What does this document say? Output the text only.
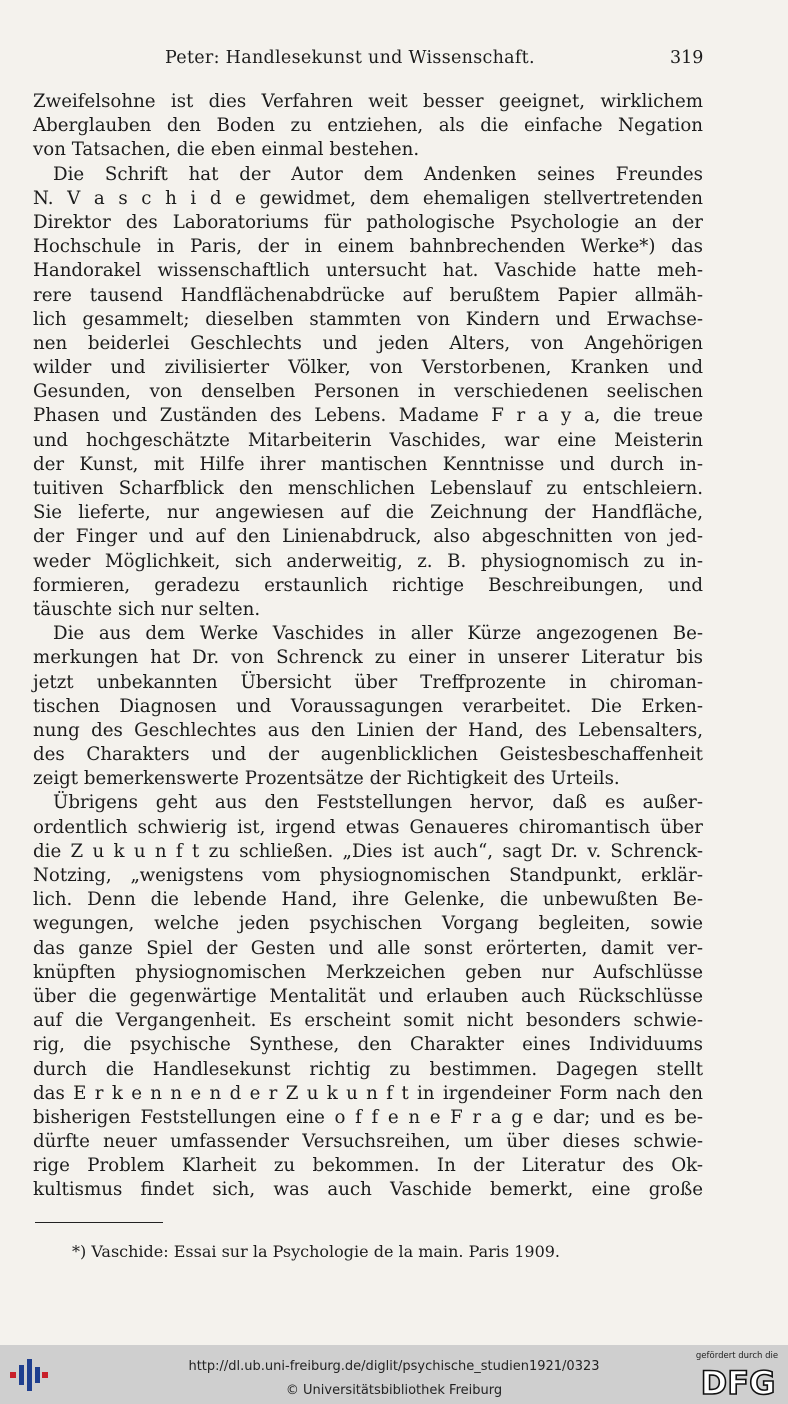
Peter: Handlesekunst und Wissenschaft.	319
Zweifelsohne ist dies Verfahren weit besser geeignet, wirklichem
Aberglauben den Boden zu entziehen, als die einfache Negation
von Tatsachen, die eben einmal bestehen.
Die Schrift hat der Autor dem Andenken seines Freundes
N. V a s c h i d e gewidmet, dem ehemaligen stellvertretenden
Direktor des Laboratoriums für pathologische Psychologie an der
Hochschule in Paris, der in einem bahnbrechenden Werke*) das
Handorakel wissenschaftlich untersucht hat. Vaschide hatte meh-
rere tausend Handflächenabdrücke auf berußtem Papier allmäh-
lich gesammelt; dieselben stammten von Kindern und Erwachse-
nen beiderlei Geschlechts und jeden Alters, von Angehörigen
wilder und zivilisierter Völker, von Verstorbenen, Kranken und
Gesunden, von denselben Personen in verschiedenen seelischen
Phasen und Zuständen des Lebens. Madame F r a y a, die treue
und hochgeschätzte Mitarbeiterin Vaschides, war eine Meisterin
der Kunst, mit Hilfe ihrer mantischen Kenntnisse und durch in-
tuitiven Scharfblick den menschlichen Lebenslauf zu entschleiern.
Sie lieferte, nur angewiesen auf die Zeichnung der Handfläche,
der Finger und auf den Linienabdruck, also abgeschnitten von jed-
weder Möglichkeit, sich anderweitig, z. B. physiognomisch zu in-
formieren, geradezu erstaunlich richtige Beschreibungen, und
täuschte sich nur selten.
Die aus dem Werke Vaschides in aller Kürze angezogenen Be-
merkungen hat Dr. von Schrenck zu einer in unserer Literatur bis
jetzt unbekannten Übersicht über Treffprozente in chiroman-
tischen Diagnosen und Voraussagungen verarbeitet. Die Erken-
nung des Geschlechtes aus den Linien der Hand, des Lebensalters,
des Charakters und der augenblicklichen Geistesbeschaffenheit
zeigt bemerkenswerte Prozentsätze der Richtigkeit des Urteils.
Übrigens geht aus den Feststellungen hervor, daß es außer-
ordentlich schwierig ist, irgend etwas Genaueres chiromantisch über
die Z u k u n f t zu schließen. „Dies ist auch“, sagt Dr. v. Schrenck-
Notzing, „wenigstens vom physiognomischen Standpunkt, erklär-
lich. Denn die lebende Hand, ihre Gelenke, die unbewußten Be-
wegungen, welche jeden psychischen Vorgang begleiten, sowie
das ganze Spiel der Gesten und alle sonst erörterten, damit ver-
knüpften physiognomischen Merkzeichen geben nur Aufschlüsse
über die gegenwärtige Mentalität und erlauben auch Rückschlüsse
auf die Vergangenheit. Es erscheint somit nicht besonders schwie-
rig, die psychische Synthese, den Charakter eines Individuums
durch die Handlesekunst richtig zu bestimmen. Dagegen stellt
das E r k e n n e n d e r Z u k u n f t in irgendeiner Form nach den
bisherigen Feststellungen eine o f f e n e F r a g e dar; und es be-
dürfte neuer umfassender Versuchsreihen, um über dieses schwie-
rige Problem Klarheit zu bekommen. In der Literatur des Ok-
kultismus findet sich, was auch Vaschide bemerkt, eine große
*) Vaschide: Essai sur la Psychologie de la main. Paris 1909.
http://dl.ub.uni-freiburg.de/diglit/psychische_studien1921/0323
© Universitätsbibliothek Freiburg
gefördert durch die
DFG
